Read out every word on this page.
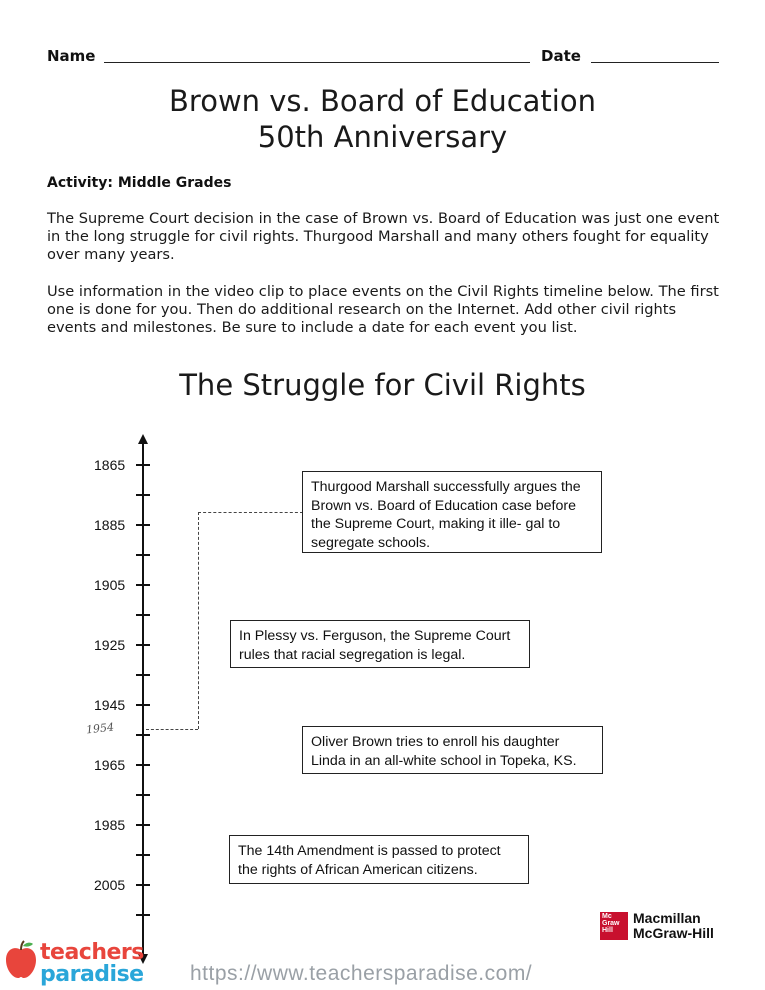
Name	Date
Brown vs. Board of Education
50th Anniversary
Activity: Middle Grades
The Supreme Court decision in the case of Brown vs. Board of Education was just one event in the long struggle for civil rights. Thurgood Marshall and many others fought for equality over many years.
Use information in the video clip to place events on the Civil Rights timeline below. The first one is done for you. Then do additional research on the Internet. Add other civil rights events and milestones. Be sure to include a date for each event you list.
The Struggle for Civil Rights
1865
1885
1905
1925
1945
1965
1985
2005
1954
Thurgood Marshall successfully argues the Brown vs. Board of Education case before the Supreme Court, making it ille- gal to segregate schools.
In Plessy vs. Ferguson, the Supreme Court rules that racial segregation is legal.
Oliver Brown tries to enroll his daughter Linda in an all-white school in Topeka, KS.
The 14th Amendment is passed to protect the rights of African American citizens.
Mc Graw Hill
Macmillan
McGraw-Hill
teachers
paradise https://www.teachersparadise.com/
